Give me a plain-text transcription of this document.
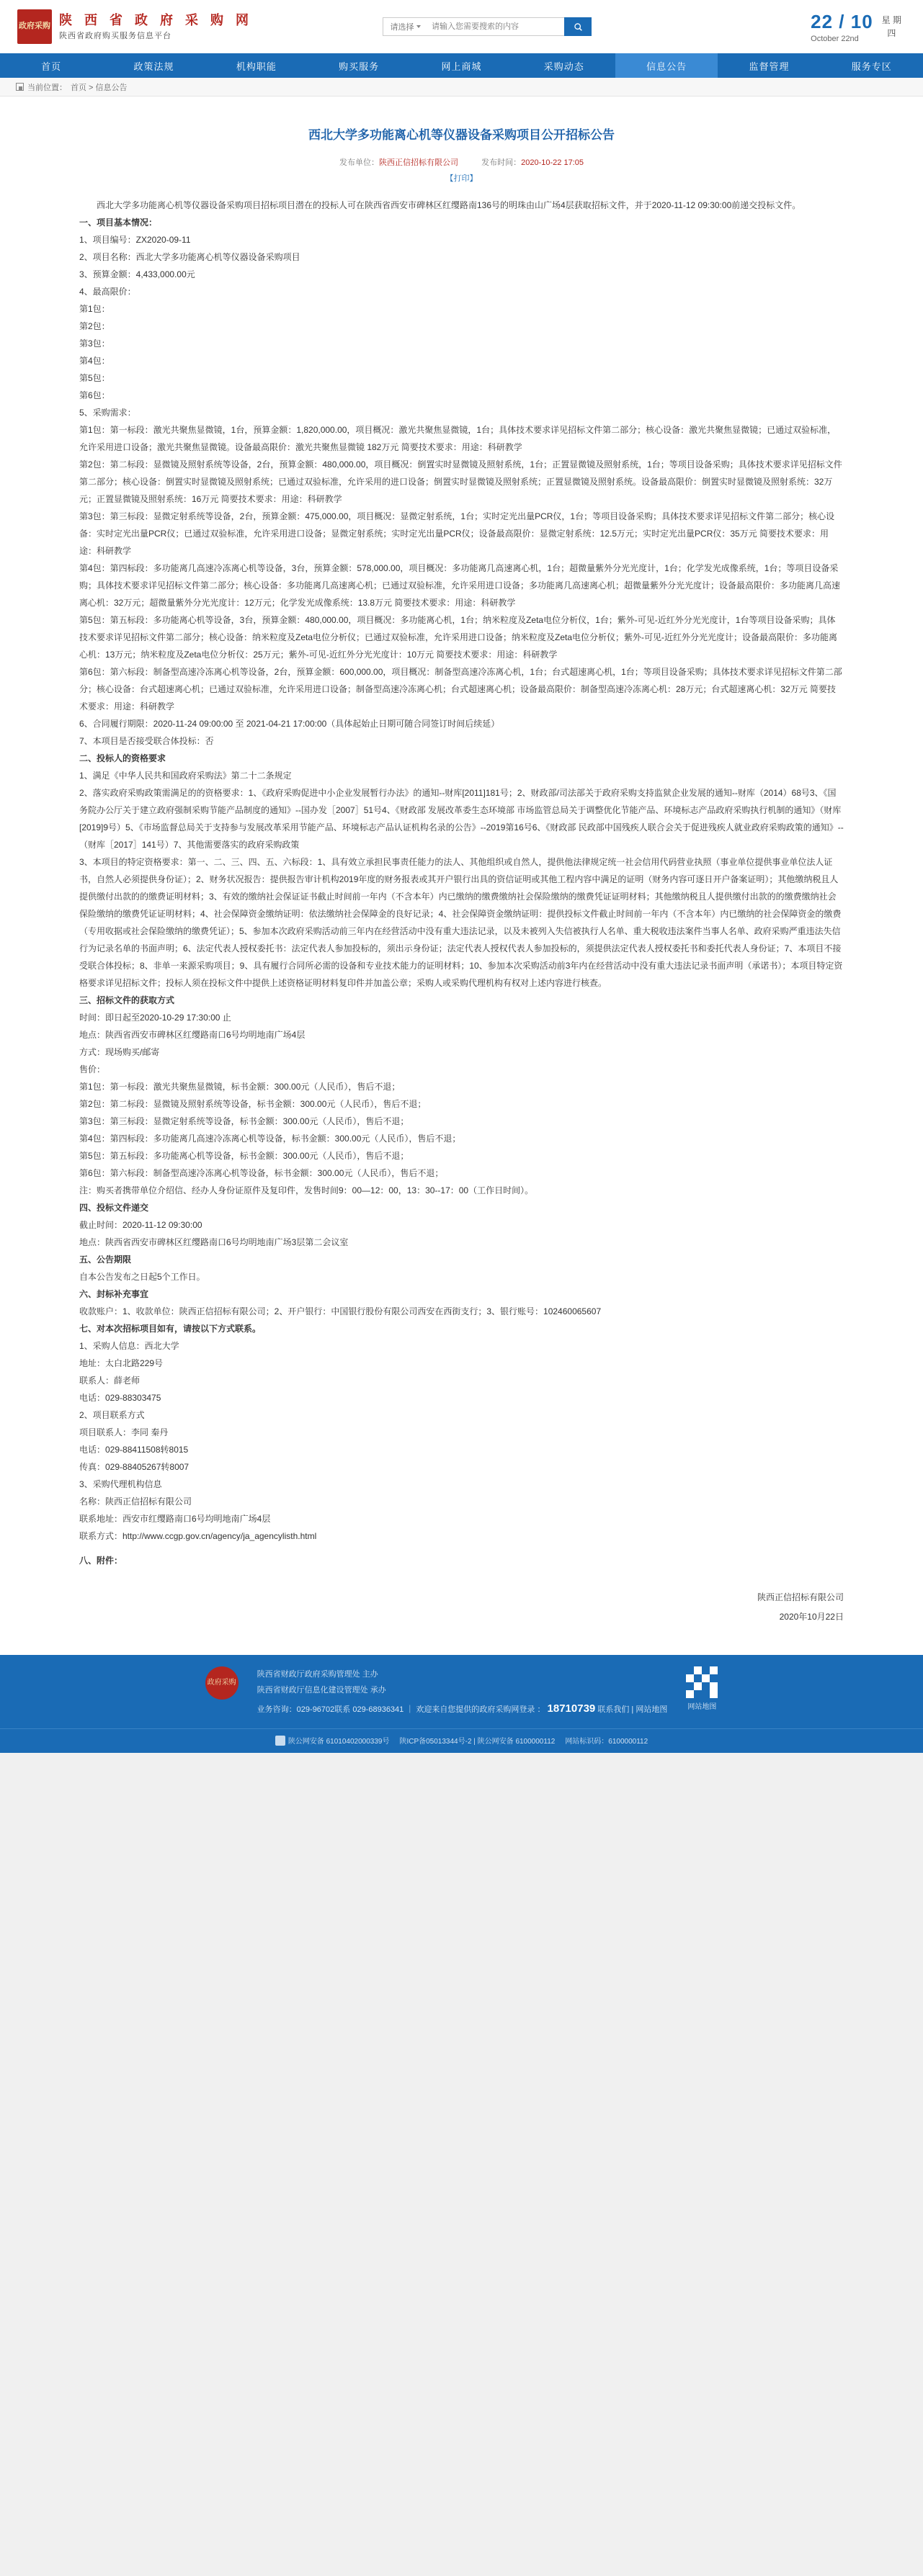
政府采购 陕 西 省 政 府 采 购 网
陕西省政府购买服务信息平台
请选择
请输入您需要搜索的内容	22 / 10
October 22nd
星 期
四
首页	政策法规	机构职能	购买服务	网上商城	采购动态	信息公告	监督管理	服务专区
当前位置： 首页 > 信息公告
西北大学多功能离心机等仪器设备采购项目公开招标公告
发布单位：陕西正信招标有限公司	发布时间：2020-10-22 17:05
【打印】

西北大学多功能离心机等仪器设备采购项目招标项目潜在的投标人可在陕西省西安市碑林区红缨路南136号的明珠由山广场4层获取招标文件，并于2020-11-12 09:30:00前递交投标文件。

一、项目基本情况：

1、项目编号：ZX2020-09-11

2、项目名称：西北大学多功能离心机等仪器设备采购项目

3、预算金额：4,433,000.00元

4、最高限价：

第1包：

第2包：

第3包：

第4包：

第5包：

第6包：

5、采购需求：

第1包：第一标段：激光共聚焦显微镜，1台，预算金额：1,820,000.00，项目概况：激光共聚焦显微镜，1台；具体技术要求详见招标文件第二部分；核心设备：激光共聚焦显微镜；已通过双验标准，允许采用进口设备；激光共聚焦显微镜。设备最高限价：激光共聚焦显微镜 182万元 简要技术要求：用途：科研教学

第2包：第二标段：显微镜及照射系统等设备，2台，预算金额：480,000.00，项目概况：倒置实时显微镜及照射系统，1台；正置显微镜及照射系统，1台；等项目设备采购；具体技术要求详见招标文件第二部分；核心设备：倒置实时显微镜及照射系统；已通过双验标准，允许采用的进口设备；倒置实时显微镜及照射系统；正置显微镜及照射系统。设备最高限价：倒置实时显微镜及照射系统：32万元；正置显微镜及照射系统：16万元 简要技术要求：用途：科研教学

第3包：第三标段：显微定射系统等设备，2台，预算金额：475,000.00，项目概况：显微定射系统，1台；实时定光出量PCR仪，1台；等项目设备采购；具体技术要求详见招标文件第二部分；核心设备：实时定光出量PCR仪；已通过双验标准，允许采用进口设备；显微定射系统；实时定光出量PCR仪；设备最高限价：显微定射系统：12.5万元；实时定光出量PCR仪：35万元 简要技术要求：用途：科研教学

第4包：第四标段：多功能离几高速冷冻离心机等设备，3台，预算金额：578,000.00，项目概况：多功能离几高速离心机，1台；超微量紫外分光光度计，1台；化学发光成像系统，1台；等项目设备采购；具体技术要求详见招标文件第二部分；核心设备：多功能离几高速离心机；已通过双验标准，允许采用进口设备；多功能离几高速离心机；超微量紫外分光光度计；设备最高限价：多功能离几高速离心机：32万元；超微量紫外分光光度计：12万元；化学发光成像系统：13.8万元 简要技术要求：用途：科研教学

第5包：第五标段：多功能离心机等设备，3台，预算金额：480,000.00，项目概况：多功能离心机，1台；纳米粒度及Zeta电位分析仪，1台；紫外-可见-近红外分光光度计，1台等项目设备采购；具体技术要求详见招标文件第二部分；核心设备：纳米粒度及Zeta电位分析仪；已通过双验标准，允许采用进口设备；纳米粒度及Zeta电位分析仪；紫外-可见-近红外分光光度计；设备最高限价：多功能离心机：13万元；纳米粒度及Zeta电位分析仪：25万元；紫外-可见-近红外分光光度计：10万元 简要技术要求：用途：科研教学

第6包：第六标段：制备型高速冷冻离心机等设备，2台，预算金额：600,000.00，项目概况：制备型高速冷冻离心机，1台；台式超速离心机，1台；等项目设备采购；具体技术要求详见招标文件第二部分；核心设备：台式超速离心机；已通过双验标准，允许采用进口设备；制备型高速冷冻离心机；台式超速离心机；设备最高限价：制备型高速冷冻离心机：28万元；台式超速离心机：32万元 简要技术要求：用途：科研教学

6、合同履行期限：2020-11-24 09:00:00 至 2021-04-21 17:00:00（具体起始止日期可随合同签订时间后续延）

7、本项目是否接受联合体投标：否

二、投标人的资格要求

1、满足《中华人民共和国政府采购法》第二十二条规定

2、落实政府采购政策需满足的的资格要求：1、《政府采购促进中小企业发展暂行办法》的通知--财库[2011]181号；2、财政部/司法部关于政府采购支持监狱企业发展的通知--财库（2014）68号3、《国务院办公厅关于建立政府强制采购节能产品制度的通知》--国办发［2007］51号4、《财政部 发展改革委生态环境部 市场监管总局关于调整优化节能产品、环境标志产品政府采购执行机制的通知》（财库[2019]9号）5、《市场监督总局关于支持参与发展改革采用节能产品、环境标志产品认证机构名录的公告》--2019第16号6、《财政部 民政部中国残疾人联合会关于促进残疾人就业政府采购政策的通知》--（财库［2017］141号）7、其他需要落实的政府采购政策

3、本项目的特定资格要求：第一、二、三、四、五、六标段：1、具有效立承担民事责任能力的法人、其他组织或自然人，提供他法律规定统一社会信用代码营业执照（事业单位提供事业单位法人证书，自然人必须提供身份证）；2、财务状况报告：提供报告审计机构2019年度的财务报表或其开户银行出具的资信证明或其他工程内容中满足的证明（财务内容可逐日开户备案证明）；其他缴纳税且人提供缴付出款的的缴费证明材料；3、有效的缴纳社会保证证书截止时间前一年内（不含本年）内已缴纳的缴费缴纳社会保险缴纳的缴费凭证证明材料；其他缴纳税且人提供缴付出款的的缴费缴纳社会保险缴纳的缴费凭证证明材料；4、社会保障资金缴纳证明：依法缴纳社会保障金的良好记录；4、社会保障资金缴纳证明：提供投标文件截止时间前一年内（不含本年）内已缴纳的社会保障资金的缴费（专用收据或社会保险缴纳的缴费凭证）；5、参加本次政府采购活动前三年内在经营活动中没有重大违法记录，以及未被列入失信被执行人名单、重大税收违法案件当事人名单、政府采购严重违法失信行为记录名单的书面声明；6、法定代表人授权委托书：法定代表人参加投标的，须出示身份证；法定代表人授权代表人参加投标的，须提供法定代表人授权委托书和委托代表人身份证；7、本项目不接受联合体投标；8、非单一来源采购项目；9、具有履行合同所必需的设备和专业技术能力的证明材料；10、参加本次采购活动前3年内在经营活动中没有重大违法记录书面声明（承诺书）；本项目特定资格要求详见招标文件；投标人须在投标文件中提供上述资格证明材料复印件并加盖公章；采购人或采购代理机构有权对上述内容进行核查。

三、招标文件的获取方式

时间：即日起至2020-10-29 17:30:00 止

地点：陕西省西安市碑林区红缨路南口6号均明地南广场4层

方式：现场购买/邮寄

售价：

第1包：第一标段：激光共聚焦显微镜，标书金额：300.00元（人民币），售后不退；

第2包：第二标段：显微镜及照射系统等设备，标书金额：300.00元（人民币），售后不退；

第3包：第三标段：显微定射系统等设备，标书金额：300.00元（人民币），售后不退；

第4包：第四标段：多功能离几高速冷冻离心机等设备，标书金额：300.00元（人民币），售后不退；

第5包：第五标段：多功能离心机等设备，标书金额：300.00元（人民币），售后不退；

第6包：第六标段：制备型高速冷冻离心机等设备，标书金额：300.00元（人民币），售后不退；

注：购买者携带单位介绍信、经办人身份证原件及复印件，发售时间9：00—12：00，13：30--17：00（工作日时间）。

四、投标文件递交

截止时间：2020-11-12 09:30:00

地点：陕西省西安市碑林区红缨路南口6号均明地南广场3层第二会议室

五、公告期限

自本公告发布之日起5个工作日。

六、封标补充事宜

收款账户：1、收款单位：陕西正信招标有限公司；2、开户银行：中国银行股份有限公司西安在西街支行；3、银行账号：102460065607

七、对本次招标项目如有，请按以下方式联系。

1、采购人信息：西北大学

地址：太白北路229号

联系人：薛老师

电话：029-88303475

2、项目联系方式

项目联系人：李同 秦丹

电话：029-88411508转8015

传真：029-88405267转8007

3、采购代理机构信息

名称：陕西正信招标有限公司

联系地址：西安市红缨路南口6号均明地南广场4层

联系方式：http://www.ccgp.gov.cn/agency/ja_agencylisth.html

八、附件：

陕西正信招标有限公司
2020年10月22日
政府采购
陕西省财政厅政府采购管理处 主办
陕西省财政厅信息化建设管理处 承办
业务咨询：029-96702联系 029-68936341 ｜ 欢迎来自您提供的政府采购网登录 ： 18710739 联系我们 | 网站地图	网站地图
陕公网安备 61010402000339号 陕ICP备05013344号-2 | 陕公网安备 6100000112 网站标识码：6100000112
